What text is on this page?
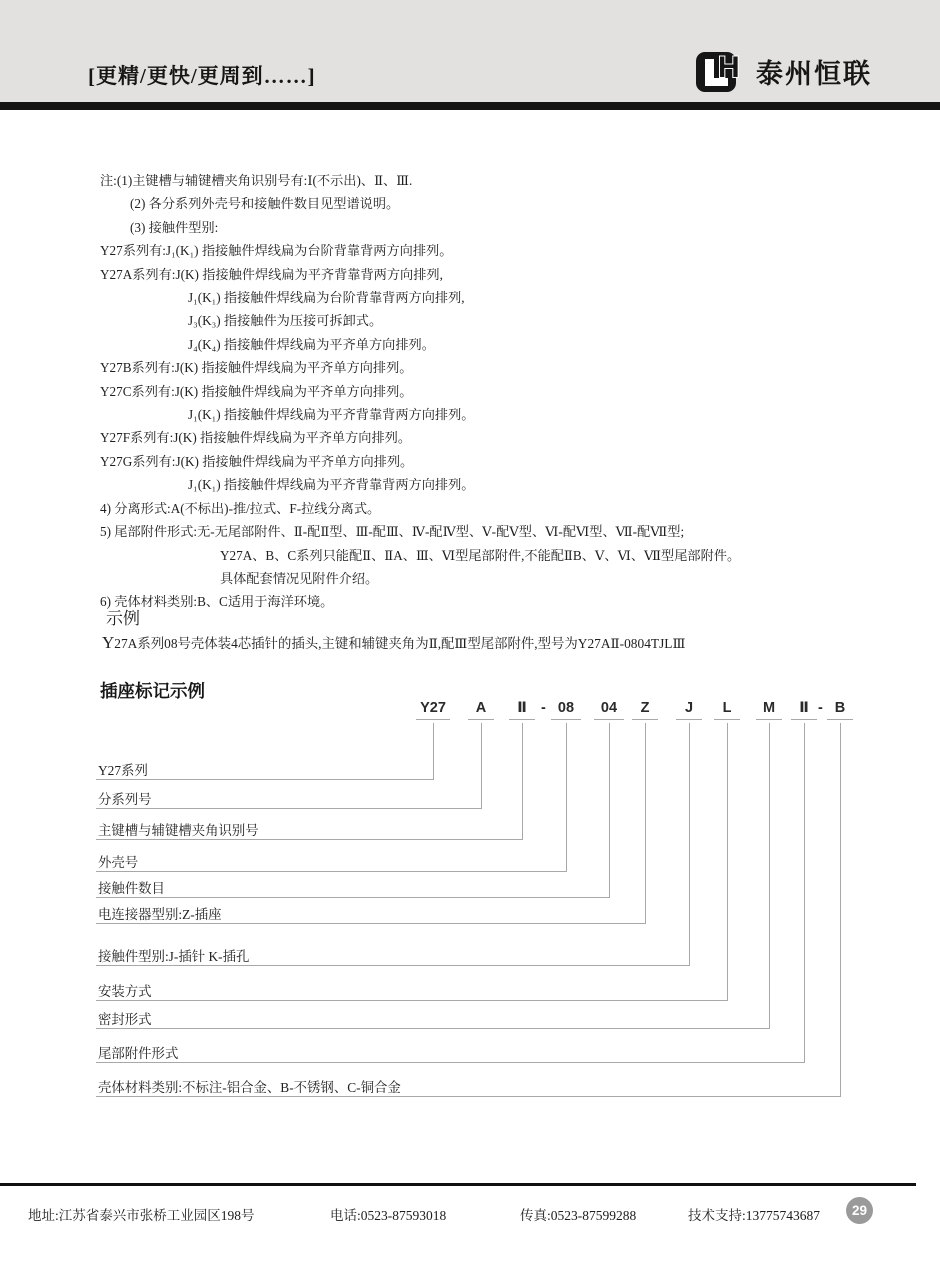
[更精/更快/更周到……]	H 泰州恒联
注:(1)主键槽与辅键槽夹角识别号有:Ⅰ(不示出)、Ⅱ、Ⅲ.
(2) 各分系列外壳号和接触件数目见型谱说明。
(3) 接触件型别:
Y27系列有:J₁(K₁) 指接触件焊线扁为台阶背靠背两方向排列。
Y27A系列有:J(K) 指接触件焊线扁为平齐背靠背两方向排列,
J₁(K₁) 指接触件焊线扁为台阶背靠背两方向排列,
J₃(K₃) 指接触件为压接可拆卸式。
J₄(K₄) 指接触件焊线扁为平齐单方向排列。
Y27B系列有:J(K) 指接触件焊线扁为平齐单方向排列。
Y27C系列有:J(K) 指接触件焊线扁为平齐单方向排列。
J₁(K₁) 指接触件焊线扁为平齐背靠背两方向排列。
Y27F系列有:J(K) 指接触件焊线扁为平齐单方向排列。
Y27G系列有:J(K) 指接触件焊线扁为平齐单方向排列。
J₁(K₁) 指接触件焊线扁为平齐背靠背两方向排列。
4) 分离形式:A(不标出)-推/拉式、F-拉线分离式。
5) 尾部附件形式:无-无尾部附件、Ⅱ-配Ⅱ型、Ⅲ-配Ⅲ、Ⅳ-配Ⅳ型、Ⅴ-配Ⅴ型、Ⅵ-配Ⅵ型、Ⅶ-配Ⅶ型;
Y27A、B、C系列只能配Ⅱ、ⅡA、Ⅲ、Ⅵ型尾部附件,不能配ⅡB、Ⅴ、Ⅵ、Ⅶ型尾部附件。
具体配套情况见附件介绍。
6) 壳体材料类别:B、C适用于海洋环境。
示例
Y27A系列08号壳体装4芯插针的插头,主键和辅键夹角为Ⅱ,配Ⅲ型尾部附件,型号为Y27AⅡ-0804TJLⅢ
插座标记示例
Y27	A	Ⅱ - 08	04	Z	J	L	M	Ⅱ - B
Y27系列
分系列号
主键槽与辅键槽夹角识别号
外壳号
接触件数目
电连接器型别:Z-插座
接触件型别:J-插针 K-插孔
安装方式
密封形式
尾部附件形式
壳体材料类别:不标注-铝合金、B-不锈钢、C-铜合金
地址:江苏省泰兴市张桥工业园区198号	电话:0523-87593018	传真:0523-87599288	技术支持:13775743687	29
